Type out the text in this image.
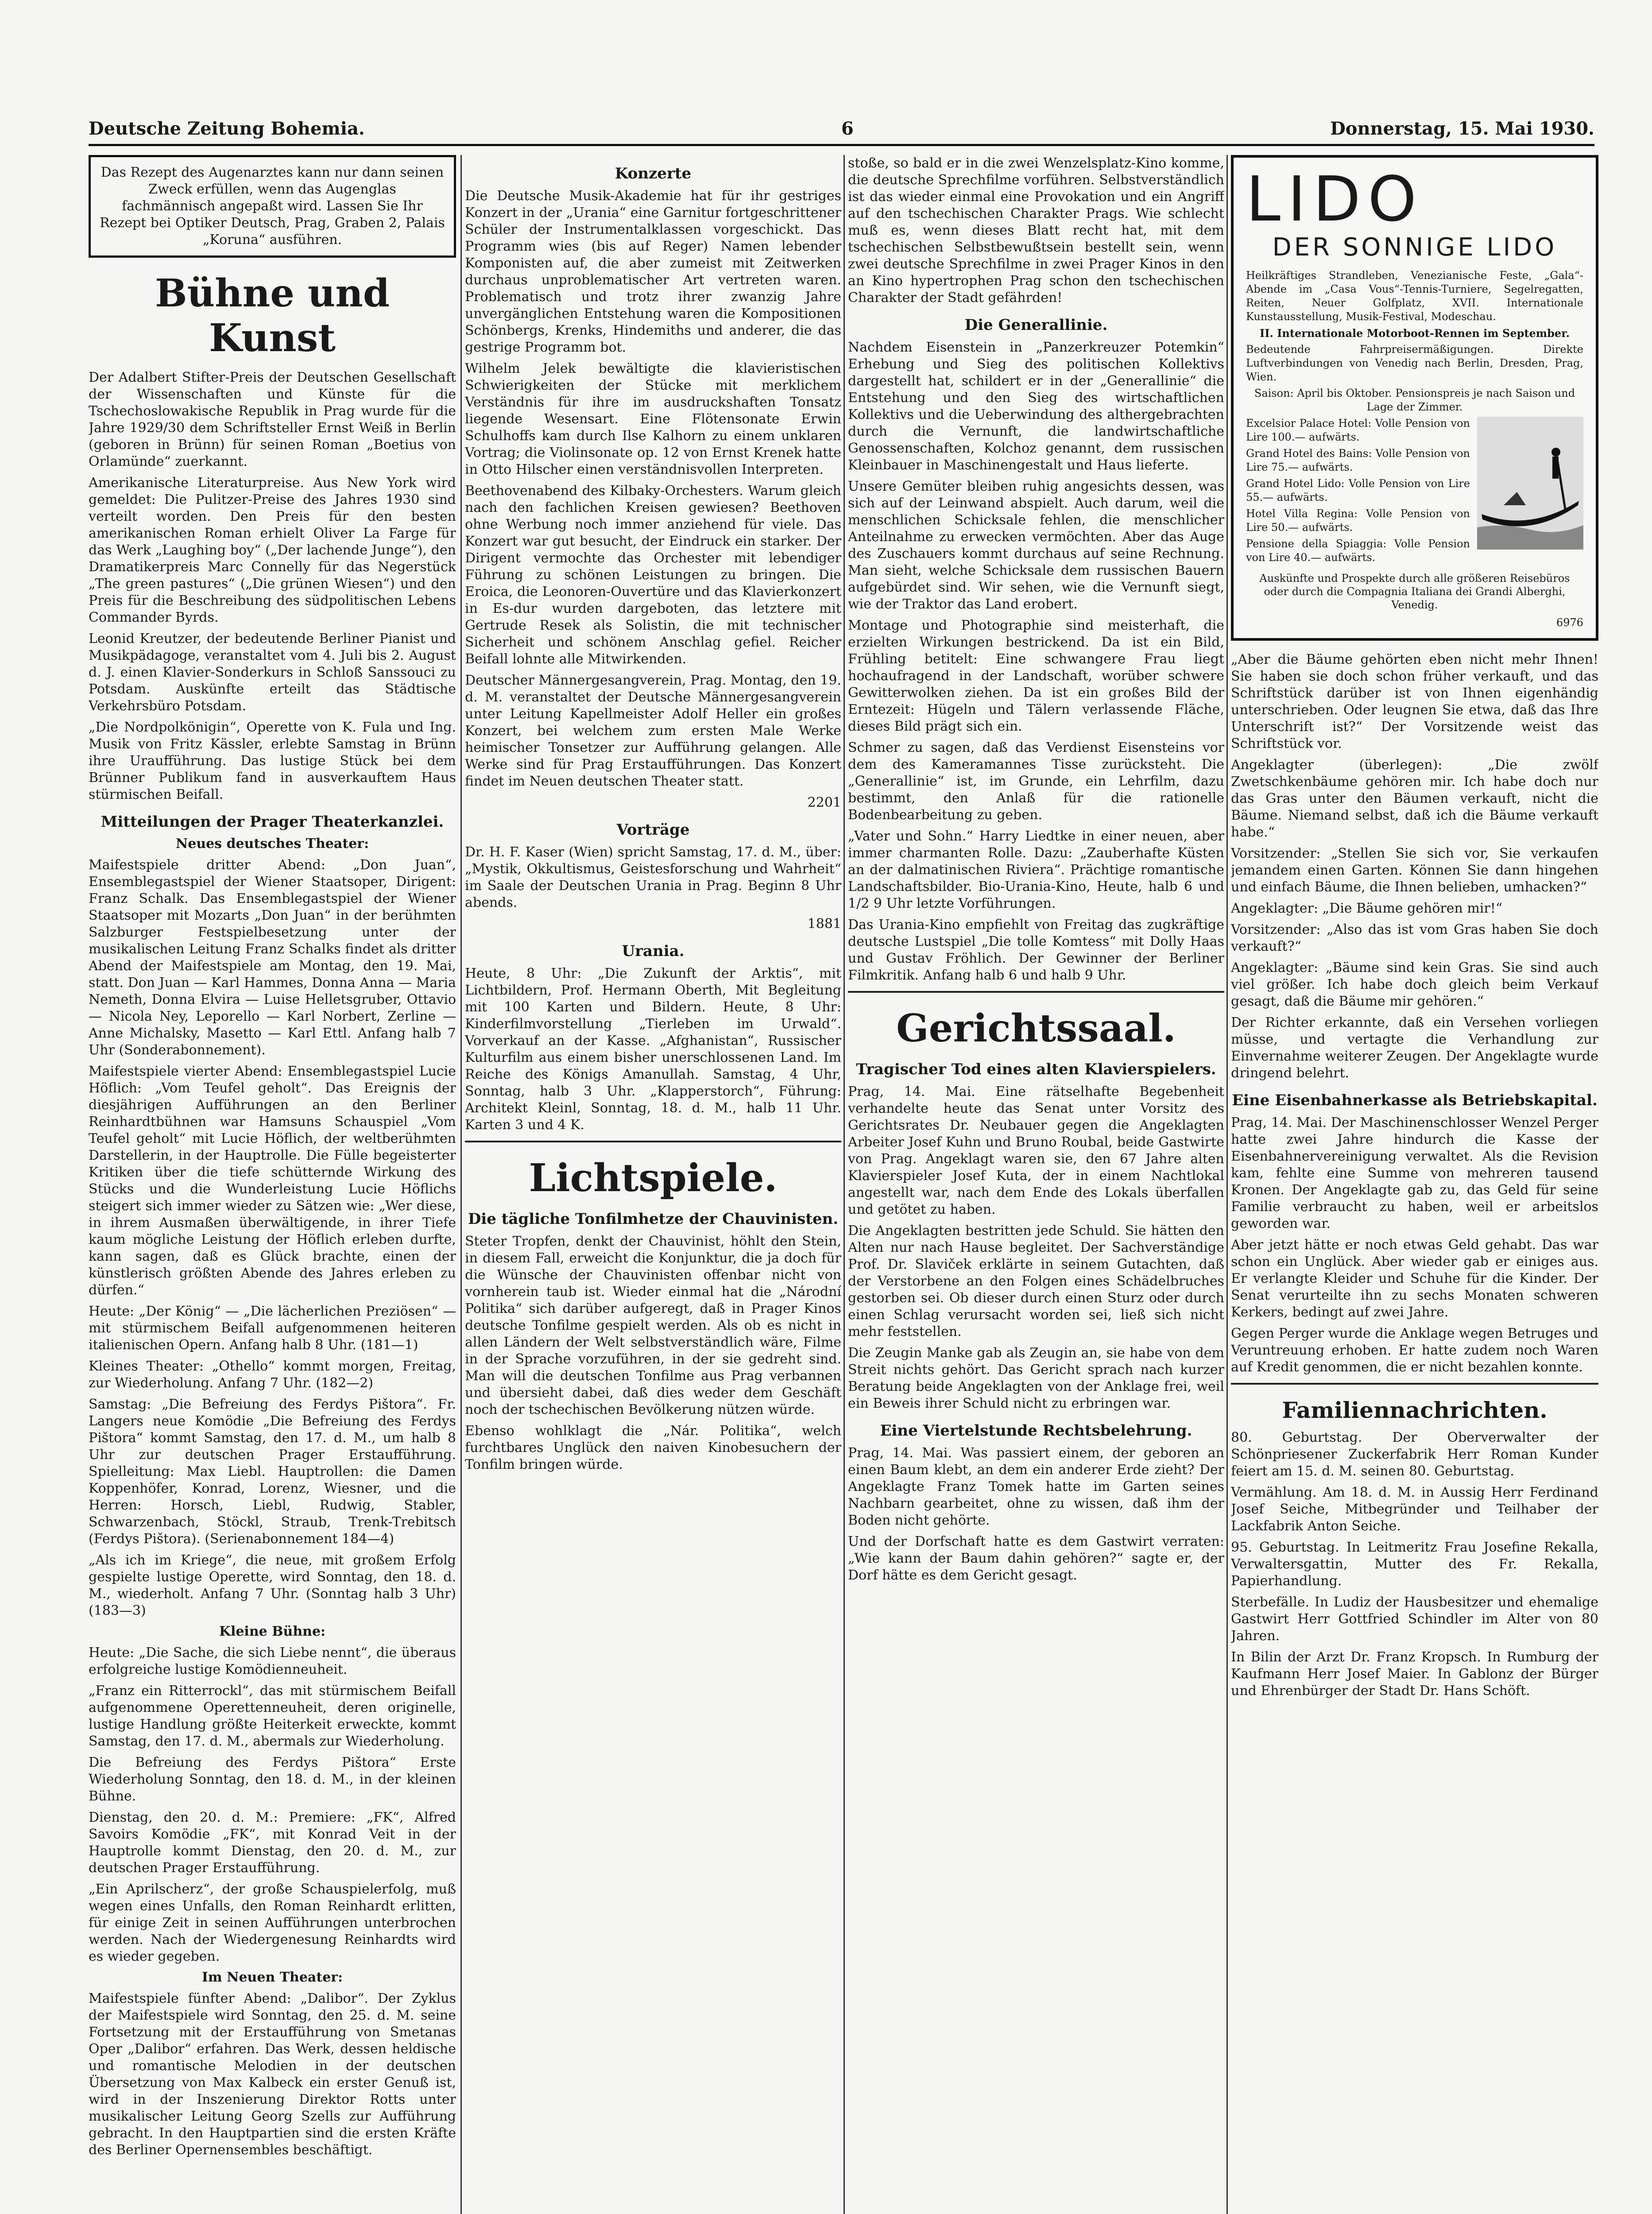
Deutsche Zeitung Bohemia.	6	Donnerstag, 15. Mai 1930.
Das Rezept des Augenarztes kann nur dann seinen Zweck erfüllen, wenn das Augenglas fachmännisch angepaßt wird. Lassen Sie Ihr Rezept bei Optiker Deutsch, Prag, Graben 2, Palais „Koruna“ ausführen.
Bühne und Kunst

Der Adalbert Stifter-Preis der Deutschen Gesellschaft der Wissenschaften und Künste für die Tschechoslowakische Republik in Prag wurde für die Jahre 1929/30 dem Schriftsteller Ernst Weiß in Berlin (geboren in Brünn) für seinen Roman „Boetius von Orlamünde“ zuerkannt.

Amerikanische Literaturpreise. Aus New York wird gemeldet: Die Pulitzer-Preise des Jahres 1930 sind verteilt worden. Den Preis für den besten amerikanischen Roman erhielt Oliver La Farge für das Werk „Laughing boy“ („Der lachende Junge“), den Dramatikerpreis Marc Connelly für das Negerstück „The green pastures“ („Die grünen Wiesen“) und den Preis für die Beschreibung des südpolitischen Lebens Commander Byrds.

Leonid Kreutzer, der bedeutende Berliner Pianist und Musikpädagoge, veranstaltet vom 4. Juli bis 2. August d. J. einen Klavier-Sonderkurs in Schloß Sanssouci zu Potsdam. Auskünfte erteilt das Städtische Verkehrsbüro Potsdam.

„Die Nordpolkönigin“, Operette von K. Fula und Ing. Musik von Fritz Kässler, erlebte Samstag in Brünn ihre Uraufführung. Das lustige Stück bei dem Brünner Publikum fand in ausverkauftem Haus stürmischen Beifall.

Mitteilungen der Prager Theaterkanzlei.
Neues deutsches Theater:

Maifestspiele dritter Abend: „Don Juan“, Ensemblegastspiel der Wiener Staatsoper, Dirigent: Franz Schalk. Das Ensemblegastspiel der Wiener Staatsoper mit Mozarts „Don Juan“ in der berühmten Salzburger Festspielbesetzung unter der musikalischen Leitung Franz Schalks findet als dritter Abend der Maifestspiele am Montag, den 19. Mai, statt. Don Juan — Karl Hammes, Donna Anna — Maria Nemeth, Donna Elvira — Luise Helletsgruber, Ottavio — Nicola Ney, Leporello — Karl Norbert, Zerline — Anne Michalsky, Masetto — Karl Ettl. Anfang halb 7 Uhr (Sonderabonnement).

Maifestspiele vierter Abend: Ensemblegastspiel Lucie Höflich: „Vom Teufel geholt“. Das Ereignis der diesjährigen Aufführungen an den Berliner Reinhardtbühnen war Hamsuns Schauspiel „Vom Teufel geholt“ mit Lucie Höflich, der weltberühmten Darstellerin, in der Hauptrolle. Die Fülle begeisterter Kritiken über die tiefe schütternde Wirkung des Stücks und die Wunderleistung Lucie Höflichs steigert sich immer wieder zu Sätzen wie: „Wer diese, in ihrem Ausmaßen überwältigende, in ihrer Tiefe kaum mögliche Leistung der Höflich erleben durfte, kann sagen, daß es Glück brachte, einen der künstlerisch größten Abende des Jahres erleben zu dürfen.“

Heute: „Der König“ — „Die lächerlichen Preziösen“ — mit stürmischem Beifall aufgenommenen heiteren italienischen Opern. Anfang halb 8 Uhr. (181—1)

Kleines Theater: „Othello“ kommt morgen, Freitag, zur Wiederholung. Anfang 7 Uhr. (182—2)

Samstag: „Die Befreiung des Ferdys Pištora“. Fr. Langers neue Komödie „Die Befreiung des Ferdys Pištora“ kommt Samstag, den 17. d. M., um halb 8 Uhr zur deutschen Prager Erstaufführung. Spielleitung: Max Liebl. Hauptrollen: die Damen Koppenhöfer, Konrad, Lorenz, Wiesner, und die Herren: Horsch, Liebl, Rudwig, Stabler, Schwarzenbach, Stöckl, Straub, Trenk-Trebitsch (Ferdys Pištora). (Serienabonnement 184—4)

„Als ich im Kriege“, die neue, mit großem Erfolg gespielte lustige Operette, wird Sonntag, den 18. d. M., wiederholt. Anfang 7 Uhr. (Sonntag halb 3 Uhr) (183—3)

Kleine Bühne:

Heute: „Die Sache, die sich Liebe nennt“, die überaus erfolgreiche lustige Komödienneuheit.

„Franz ein Ritterrockl“, das mit stürmischem Beifall aufgenommene Operettenneuheit, deren originelle, lustige Handlung größte Heiterkeit erweckte, kommt Samstag, den 17. d. M., abermals zur Wiederholung.

Die Befreiung des Ferdys Pištora“ Erste Wiederholung Sonntag, den 18. d. M., in der kleinen Bühne.

Dienstag, den 20. d. M.: Premiere: „FK“, Alfred Savoirs Komödie „FK“, mit Konrad Veit in der Hauptrolle kommt Dienstag, den 20. d. M., zur deutschen Prager Erstaufführung.

„Ein Aprilscherz“, der große Schauspielerfolg, muß wegen eines Unfalls, den Roman Reinhardt erlitten, für einige Zeit in seinen Aufführungen unterbrochen werden. Nach der Wiedergenesung Reinhardts wird es wieder gegeben.

Im Neuen Theater:

Maifestspiele fünfter Abend: „Dalibor“. Der Zyklus der Maifestspiele wird Sonntag, den 25. d. M. seine Fortsetzung mit der Erstaufführung von Smetanas Oper „Dalibor“ erfahren. Das Werk, dessen heldische und romantische Melodien in der deutschen Übersetzung von Max Kalbeck ein erster Genuß ist, wird in der Inszenierung Direktor Rotts unter musikalischer Leitung Georg Szells zur Aufführung gebracht. In den Hauptpartien sind die ersten Kräfte des Berliner Opernensembles beschäftigt.

Konzerte

Die Deutsche Musik-Akademie hat für ihr gestriges Konzert in der „Urania“ eine Garnitur fortgeschrittener Schüler der Instrumentalklassen vorgeschickt. Das Programm wies (bis auf Reger) Namen lebender Komponisten auf, die aber zumeist mit Zeitwerken durchaus unproblematischer Art vertreten waren. Problematisch und trotz ihrer zwanzig Jahre unvergänglichen Entstehung waren die Kompositionen Schönbergs, Krenks, Hindemiths und anderer, die das gestrige Programm bot.

Wilhelm Jelek bewältigte die klavieristischen Schwierigkeiten der Stücke mit merklichem Verständnis für ihre im ausdruckshaften Tonsatz liegende Wesensart. Eine Flötensonate Erwin Schulhoffs kam durch Ilse Kalhorn zu einem unklaren Vortrag; die Violinsonate op. 12 von Ernst Krenek hatte in Otto Hilscher einen verständnisvollen Interpreten.

Beethovenabend des Kilbaky-Orchesters. Warum gleich nach den fachlichen Kreisen gewiesen? Beethoven ohne Werbung noch immer anziehend für viele. Das Konzert war gut besucht, der Eindruck ein starker. Der Dirigent vermochte das Orchester mit lebendiger Führung zu schönen Leistungen zu bringen. Die Eroica, die Leonoren-Ouvertüre und das Klavierkonzert in Es-dur wurden dargeboten, das letztere mit Gertrude Resek als Solistin, die mit technischer Sicherheit und schönem Anschlag gefiel. Reicher Beifall lohnte alle Mitwirkenden.

Deutscher Männergesangverein, Prag. Montag, den 19. d. M. veranstaltet der Deutsche Männergesangverein unter Leitung Kapellmeister Adolf Heller ein großes Konzert, bei welchem zum ersten Male Werke heimischer Tonsetzer zur Aufführung gelangen. Alle Werke sind für Prag Erstaufführungen. Das Konzert findet im Neuen deutschen Theater statt.

2201

Vorträge

Dr. H. F. Kaser (Wien) spricht Samstag, 17. d. M., über: „Mystik, Okkultismus, Geistesforschung und Wahrheit“ im Saale der Deutschen Urania in Prag. Beginn 8 Uhr abends.

1881

Urania.

Heute, 8 Uhr: „Die Zukunft der Arktis“, mit Lichtbildern, Prof. Hermann Oberth, Mit Begleitung mit 100 Karten und Bildern. Heute, 8 Uhr: Kinderfilmvorstellung „Tierleben im Urwald“. Vorverkauf an der Kasse. „Afghanistan“, Russischer Kulturfilm aus einem bisher unerschlossenen Land. Im Reiche des Königs Amanullah. Samstag, 4 Uhr, Sonntag, halb 3 Uhr. „Klapperstorch“, Führung: Architekt Kleinl, Sonntag, 18. d. M., halb 11 Uhr. Karten 3 und 4 K.

Lichtspiele.
Die tägliche Tonfilmhetze der Chauvinisten.

Steter Tropfen, denkt der Chauvinist, höhlt den Stein, in diesem Fall, erweicht die Konjunktur, die ja doch für die Wünsche der Chauvinisten offenbar nicht von vornherein taub ist. Wieder einmal hat die „Národní Politika“ sich darüber aufgeregt, daß in Prager Kinos deutsche Tonfilme gespielt werden. Als ob es nicht in allen Ländern der Welt selbstverständlich wäre, Filme in der Sprache vorzuführen, in der sie gedreht sind. Man will die deutschen Tonfilme aus Prag verbannen und übersieht dabei, daß dies weder dem Geschäft noch der tschechischen Bevölkerung nützen würde.

Ebenso wohlklagt die „Nár. Politika“, welch furchtbares Unglück den naiven Kinobesuchern der Tonfilm bringen würde.

stoße, so bald er in die zwei Wenzelsplatz-Kino komme, die deutsche Sprechfilme vorführen. Selbstverständlich ist das wieder einmal eine Provokation und ein Angriff auf den tschechischen Charakter Prags. Wie schlecht muß es, wenn dieses Blatt recht hat, mit dem tschechischen Selbstbewußtsein bestellt sein, wenn zwei deutsche Sprechfilme in zwei Prager Kinos in den an Kino hypertrophen Prag schon den tschechischen Charakter der Stadt gefährden!

Die Generallinie.

Nachdem Eisenstein in „Panzerkreuzer Potemkin“ Erhebung und Sieg des politischen Kollektivs dargestellt hat, schildert er in der „Generallinie“ die Entstehung und den Sieg des wirtschaftlichen Kollektivs und die Ueberwindung des althergebrachten durch die Vernunft, die landwirtschaftliche Genossenschaften, Kolchoz genannt, dem russischen Kleinbauer in Maschinengestalt und Haus lieferte.

Unsere Gemüter bleiben ruhig angesichts dessen, was sich auf der Leinwand abspielt. Auch darum, weil die menschlichen Schicksale fehlen, die menschlicher Anteilnahme zu erwecken vermöchten. Aber das Auge des Zuschauers kommt durchaus auf seine Rechnung. Man sieht, welche Schicksale dem russischen Bauern aufgebürdet sind. Wir sehen, wie die Vernunft siegt, wie der Traktor das Land erobert.

Montage und Photographie sind meisterhaft, die erzielten Wirkungen bestrickend. Da ist ein Bild, Frühling betitelt: Eine schwangere Frau liegt hochaufragend in der Landschaft, worüber schwere Gewitterwolken ziehen. Da ist ein großes Bild der Erntezeit: Hügeln und Tälern verlassende Fläche, dieses Bild prägt sich ein.

Schmer zu sagen, daß das Verdienst Eisensteins vor dem des Kameramannes Tisse zurücksteht. Die „Generallinie“ ist, im Grunde, ein Lehrfilm, dazu bestimmt, den Anlaß für die rationelle Bodenbearbeitung zu geben.

„Vater und Sohn.“ Harry Liedtke in einer neuen, aber immer charmanten Rolle. Dazu: „Zauberhafte Küsten an der dalmatinischen Riviera“. Prächtige romantische Landschaftsbilder. Bio-Urania-Kino, Heute, halb 6 und 1/2 9 Uhr letzte Vorführungen.

Das Urania-Kino empfiehlt von Freitag das zugkräftige deutsche Lustspiel „Die tolle Komtess“ mit Dolly Haas und Gustav Fröhlich. Der Gewinner der Berliner Filmkritik. Anfang halb 6 und halb 9 Uhr.

Gerichtssaal.
Tragischer Tod eines alten Klavierspielers.

Prag, 14. Mai. Eine rätselhafte Begebenheit verhandelte heute das Senat unter Vorsitz des Gerichtsrates Dr. Neubauer gegen die Angeklagten Arbeiter Josef Kuhn und Bruno Roubal, beide Gastwirte von Prag. Angeklagt waren sie, den 67 Jahre alten Klavierspieler Josef Kuta, der in einem Nachtlokal angestellt war, nach dem Ende des Lokals überfallen und getötet zu haben.

Die Angeklagten bestritten jede Schuld. Sie hätten den Alten nur nach Hause begleitet. Der Sachverständige Prof. Dr. Slaviček erklärte in seinem Gutachten, daß der Verstorbene an den Folgen eines Schädelbruches gestorben sei. Ob dieser durch einen Sturz oder durch einen Schlag verursacht worden sei, ließ sich nicht mehr feststellen.

Die Zeugin Manke gab als Zeugin an, sie habe von dem Streit nichts gehört. Das Gericht sprach nach kurzer Beratung beide Angeklagten von der Anklage frei, weil ein Beweis ihrer Schuld nicht zu erbringen war.

Eine Viertelstunde Rechtsbelehrung.

Prag, 14. Mai. Was passiert einem, der geboren an einen Baum klebt, an dem ein anderer Erde zieht? Der Angeklagte Franz Tomek hatte im Garten seines Nachbarn gearbeitet, ohne zu wissen, daß ihm der Boden nicht gehörte.

Und der Dorfschaft hatte es dem Gastwirt verraten: „Wie kann der Baum dahin gehören?“ sagte er, der Dorf hätte es dem Gericht gesagt.

LIDO
DER SONNIGE LIDO

Heilkräftiges Strandleben, Venezianische Feste, „Gala“-Abende im „Casa Vous“-Tennis-Turniere, Segelregatten, Reiten, Neuer Golfplatz, XVII. Internationale Kunstausstellung, Musik-Festival, Modeschau.

II. Internationale Motorboot-Rennen im September.

Bedeutende Fahrpreisermäßigungen. Direkte Luftverbindungen von Venedig nach Berlin, Dresden, Prag, Wien.

Saison: April bis Oktober. Pensionspreis je nach Saison und Lage der Zimmer.

Excelsior Palace Hotel: Volle Pension von Lire 100.— aufwärts.

Grand Hotel des Bains: Volle Pension von Lire 75.— aufwärts.

Grand Hotel Lido: Volle Pension von Lire 55.— aufwärts.

Hotel Villa Regina: Volle Pension von Lire 50.— aufwärts.

Pensione della Spiaggia: Volle Pension von Lire 40.— aufwärts.

Auskünfte und Prospekte durch alle größeren Reisebüros oder durch die Compagnia Italiana dei Grandi Alberghi, Venedig.
6976

„Aber die Bäume gehörten eben nicht mehr Ihnen! Sie haben sie doch schon früher verkauft, und das Schriftstück darüber ist von Ihnen eigenhändig unterschrieben. Oder leugnen Sie etwa, daß das Ihre Unterschrift ist?“ Der Vorsitzende weist das Schriftstück vor.

Angeklagter (überlegen): „Die zwölf Zwetschkenbäume gehören mir. Ich habe doch nur das Gras unter den Bäumen verkauft, nicht die Bäume. Niemand selbst, daß ich die Bäume verkauft habe.“

Vorsitzender: „Stellen Sie sich vor, Sie verkaufen jemandem einen Garten. Können Sie dann hingehen und einfach Bäume, die Ihnen belieben, umhacken?“

Angeklagter: „Die Bäume gehören mir!“

Vorsitzender: „Also das ist vom Gras haben Sie doch verkauft?“

Angeklagter: „Bäume sind kein Gras. Sie sind auch viel größer. Ich habe doch gleich beim Verkauf gesagt, daß die Bäume mir gehören.“

Der Richter erkannte, daß ein Versehen vorliegen müsse, und vertagte die Verhandlung zur Einvernahme weiterer Zeugen. Der Angeklagte wurde dringend belehrt.

Eine Eisenbahnerkasse als Betriebskapital.

Prag, 14. Mai. Der Maschinenschlosser Wenzel Perger hatte zwei Jahre hindurch die Kasse der Eisenbahnervereinigung verwaltet. Als die Revision kam, fehlte eine Summe von mehreren tausend Kronen. Der Angeklagte gab zu, das Geld für seine Familie verbraucht zu haben, weil er arbeitslos geworden war.

Aber jetzt hätte er noch etwas Geld gehabt. Das war schon ein Unglück. Aber wieder gab er einiges aus. Er verlangte Kleider und Schuhe für die Kinder. Der Senat verurteilte ihn zu sechs Monaten schweren Kerkers, bedingt auf zwei Jahre.

Gegen Perger wurde die Anklage wegen Betruges und Veruntreuung erhoben. Er hatte zudem noch Waren auf Kredit genommen, die er nicht bezahlen konnte.

Familiennachrichten.

80. Geburtstag. Der Oberverwalter der Schönpriesener Zuckerfabrik Herr Roman Kunder feiert am 15. d. M. seinen 80. Geburtstag.

Vermählung. Am 18. d. M. in Aussig Herr Ferdinand Josef Seiche, Mitbegründer und Teilhaber der Lackfabrik Anton Seiche.

95. Geburtstag. In Leitmeritz Frau Josefine Rekalla, Verwaltersgattin, Mutter des Fr. Rekalla, Papierhandlung.

Sterbefälle. In Ludiz der Hausbesitzer und ehemalige Gastwirt Herr Gottfried Schindler im Alter von 80 Jahren.

In Bilin der Arzt Dr. Franz Kropsch. In Rumburg der Kaufmann Herr Josef Maier. In Gablonz der Bürger und Ehrenbürger der Stadt Dr. Hans Schöft.
